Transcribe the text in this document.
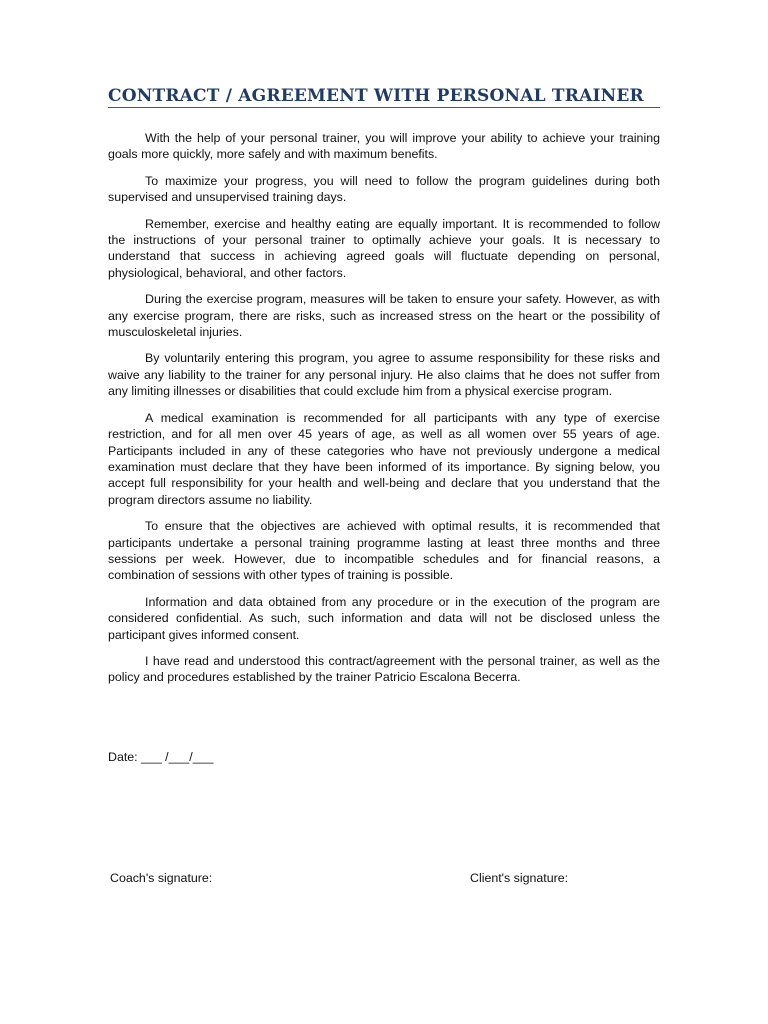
CONTRACT / AGREEMENT WITH PERSONAL TRAINER

With the help of your personal trainer, you will improve your ability to achieve your training goals more quickly, more safely and with maximum benefits.

To maximize your progress, you will need to follow the program guidelines during both supervised and unsupervised training days.

Remember, exercise and healthy eating are equally important. It is recommended to follow the instructions of your personal trainer to optimally achieve your goals. It is necessary to understand that success in achieving agreed goals will fluctuate depending on personal, physiological, behavioral, and other factors.

During the exercise program, measures will be taken to ensure your safety. However, as with any exercise program, there are risks, such as increased stress on the heart or the possibility of musculoskeletal injuries.

By voluntarily entering this program, you agree to assume responsibility for these risks and waive any liability to the trainer for any personal injury. He also claims that he does not suffer from any limiting illnesses or disabilities that could exclude him from a physical exercise program.

A medical examination is recommended for all participants with any type of exercise restriction, and for all men over 45 years of age, as well as all women over 55 years of age. Participants included in any of these categories who have not previously undergone a medical examination must declare that they have been informed of its importance. By signing below, you accept full responsibility for your health and well-being and declare that you understand that the program directors assume no liability.

To ensure that the objectives are achieved with optimal results, it is recommended that participants undertake a personal training programme lasting at least three months and three sessions per week. However, due to incompatible schedules and for financial reasons, a combination of sessions with other types of training is possible.

Information and data obtained from any procedure or in the execution of the program are considered confidential. As such, such information and data will not be disclosed unless the participant gives informed consent.

I have read and understood this contract/agreement with the personal trainer, as well as the policy and procedures established by the trainer Patricio Escalona Becerra.

Date: ___ /___/___
Coach's signature:	Client's signature:
